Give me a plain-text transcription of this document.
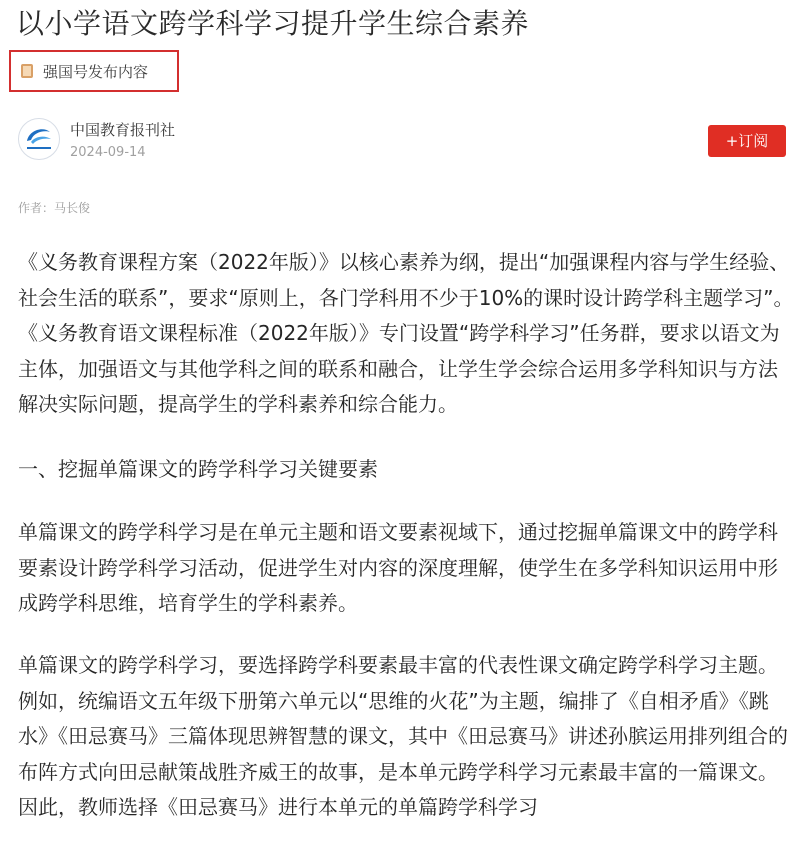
以小学语文跨学科学习提升学生综合素养
强国号发布内容
中国教育报刊社
2024-09-14
+订阅
作者：马长俊

《义务教育课程方案（2022年版）》以核心素养为纲，提出“加强课程内容与学生经验、社会生活的联系”，要求“原则上，各门学科用不少于10%的课时设计跨学科主题学习”。《义务教育语文课程标准（2022年版）》专门设置“跨学科学习”任务群，要求以语文为主体，加强语文与其他学科之间的联系和融合，让学生学会综合运用多学科知识与方法解决实际问题，提高学生的学科素养和综合能力。

一、挖掘单篇课文的跨学科学习关键要素

单篇课文的跨学科学习是在单元主题和语文要素视域下，通过挖掘单篇课文中的跨学科要素设计跨学科学习活动，促进学生对内容的深度理解，使学生在多学科知识运用中形成跨学科思维，培育学生的学科素养。

单篇课文的跨学科学习，要选择跨学科要素最丰富的代表性课文确定跨学科学习主题。例如，统编语文五年级下册第六单元以“思维的火花”为主题，编排了《自相矛盾》《跳水》《田忌赛马》三篇体现思辨智慧的课文，其中《田忌赛马》讲述孙膑运用排列组合的布阵方式向田忌献策战胜齐威王的故事，是本单元跨学科学习元素最丰富的一篇课文。因此，教师选择《田忌赛马》进行本单元的单篇跨学科学习
